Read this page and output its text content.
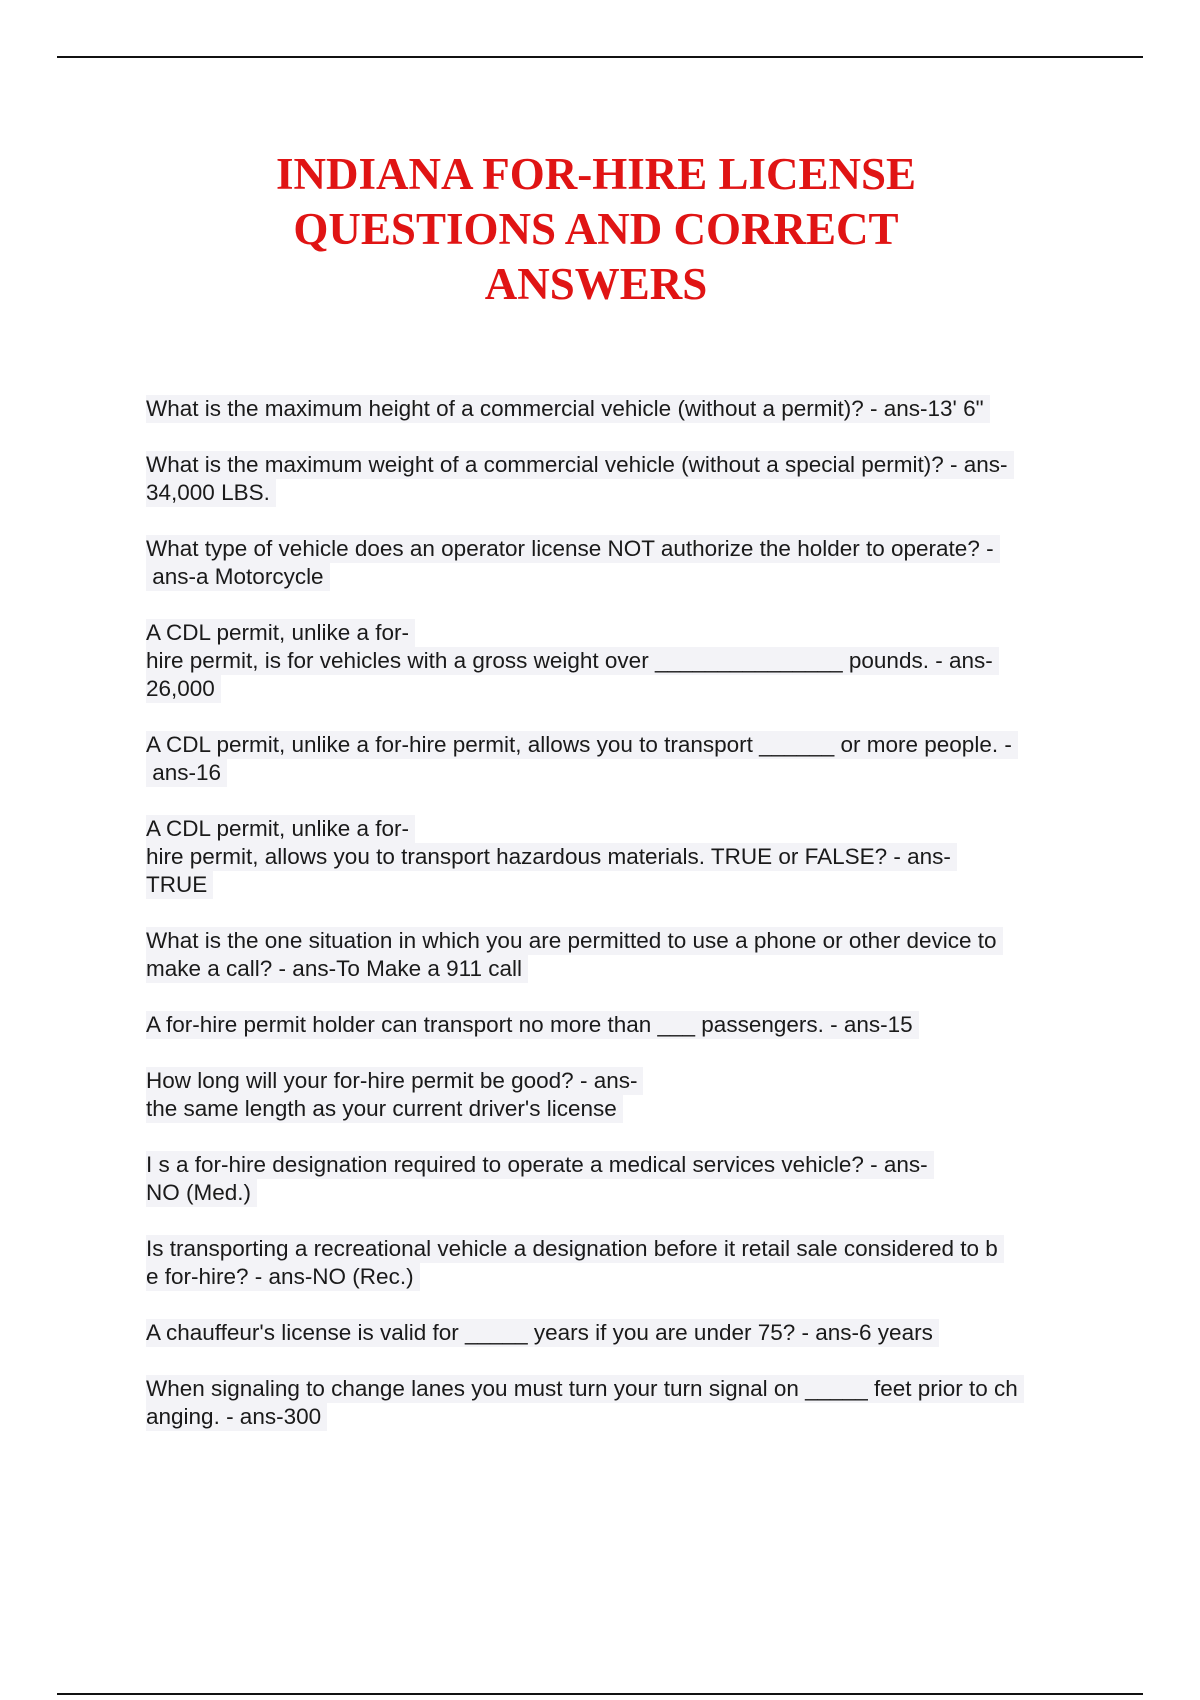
INDIANA FOR-HIRE LICENSE
QUESTIONS AND CORRECT
ANSWERS
What is the maximum height of a commercial vehicle (without a permit)? - ans-13' 6"
What is the maximum weight of a commercial vehicle (without a special permit)? - ans-
34,000 LBS.
What type of vehicle does an operator license NOT authorize the holder to operate? -
ans-a Motorcycle
A CDL permit, unlike a for-
hire permit, is for vehicles with a gross weight over _______________ pounds. - ans-
26,000
A CDL permit, unlike a for-hire permit, allows you to transport ______ or more people. -
ans-16
A CDL permit, unlike a for-
hire permit, allows you to transport hazardous materials. TRUE or FALSE? - ans-
TRUE
What is the one situation in which you are permitted to use a phone or other device to
make a call? - ans-To Make a 911 call
A for-hire permit holder can transport no more than ___ passengers. - ans-15
How long will your for-hire permit be good? - ans-
the same length as your current driver's license
I s a for-hire designation required to operate a medical services vehicle? - ans-
NO (Med.)
Is transporting a recreational vehicle a designation before it retail sale considered to b
e for-hire? - ans-NO (Rec.)
A chauffeur's license is valid for _____ years if you are under 75? - ans-6 years
When signaling to change lanes you must turn your turn signal on _____ feet prior to ch
anging. - ans-300
